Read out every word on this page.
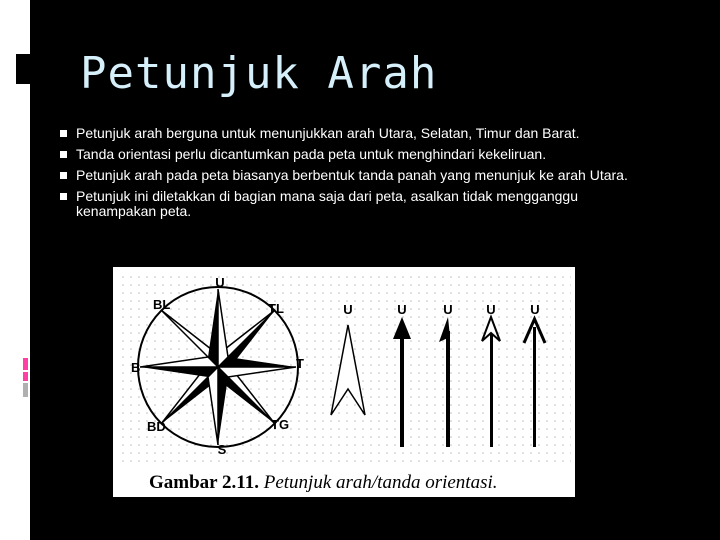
Petunjuk Arah
Petunjuk arah berguna untuk menunjukkan arah Utara, Selatan, Timur dan Barat.
Tanda orientasi perlu dicantumkan pada peta untuk menghindari kekeliruan.
Petunjuk arah pada peta biasanya berbentuk tanda panah yang menunjuk ke arah Utara.
Petunjuk ini diletakkan di bagian mana saja dari peta, asalkan tidak mengganggu kenampakan peta.
U
BL	TL
B	T
BD	TG
S
U	U	U	U	U
Gambar 2.11. Petunjuk arah/tanda orientasi.
